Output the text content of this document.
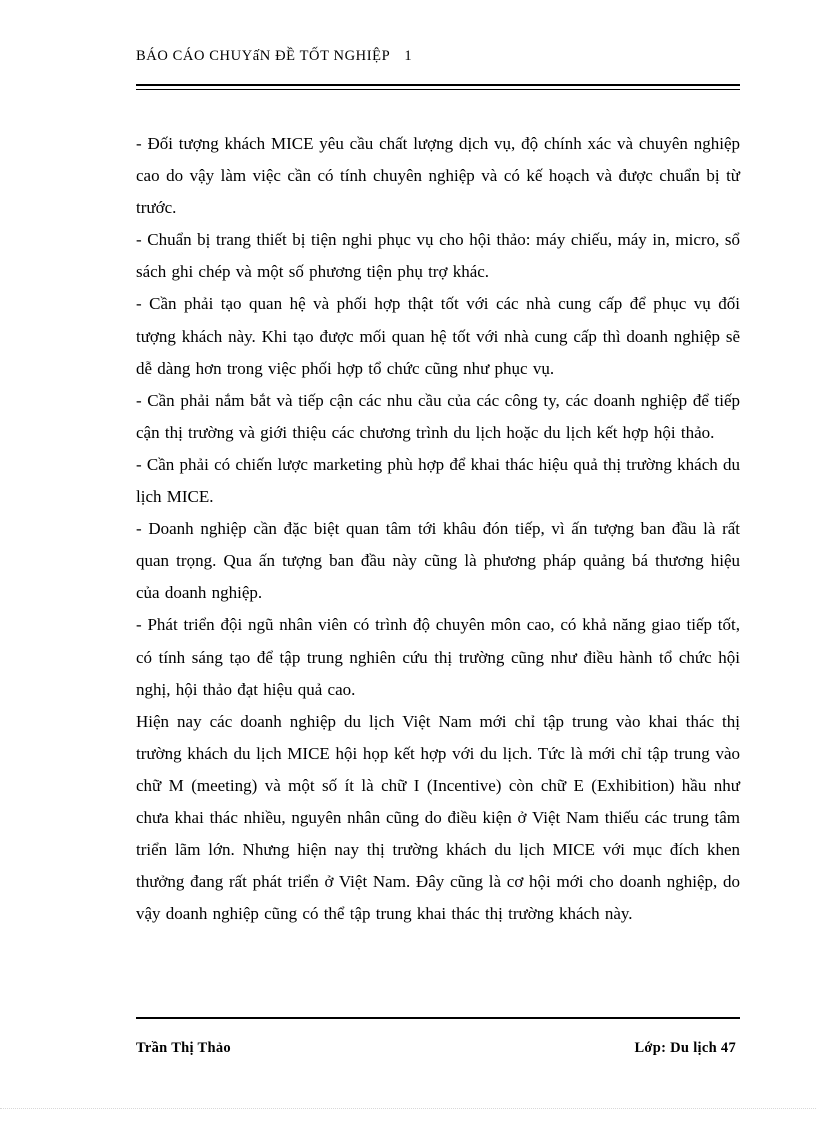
BÁO CÁO CHUYấN ĐỀ TỐT NGHIỆP 1

- Đối tượng khách MICE yêu cầu chất lượng dịch vụ, độ chính xác và chuyên nghiệp cao do vậy làm việc cần có tính chuyên nghiệp và có kế hoạch và được chuẩn bị từ trước.

- Chuẩn bị trang thiết bị tiện nghi phục vụ cho hội thảo: máy chiếu, máy in, micro, sổ sách ghi chép và một số phương tiện phụ trợ khác.

- Cần phải tạo quan hệ và phối hợp thật tốt với các nhà cung cấp để phục vụ đối tượng khách này. Khi tạo được mối quan hệ tốt với nhà cung cấp thì doanh nghiệp sẽ dễ dàng hơn trong việc phối hợp tổ chức cũng như phục vụ.

- Cần phải nắm bắt và tiếp cận các nhu cầu của các công ty, các doanh nghiệp để tiếp cận thị trường và giới thiệu các chương trình du lịch hoặc du lịch kết hợp hội thảo.

- Cần phải có chiến lược marketing phù hợp để khai thác hiệu quả thị trường khách du lịch MICE.

- Doanh nghiệp cần đặc biệt quan tâm tới khâu đón tiếp, vì ấn tượng ban đầu là rất quan trọng. Qua ấn tượng ban đầu này cũng là phương pháp quảng bá thương hiệu của doanh nghiệp.

- Phát triển đội ngũ nhân viên có trình độ chuyên môn cao, có khả năng giao tiếp tốt, có tính sáng tạo để tập trung nghiên cứu thị trường cũng như điều hành tổ chức hội nghị, hội thảo đạt hiệu quả cao.

Hiện nay các doanh nghiệp du lịch Việt Nam mới chỉ tập trung vào khai thác thị trường khách du lịch MICE hội họp kết hợp với du lịch. Tức là mới chỉ tập trung vào chữ M (meeting) và một số ít là chữ I (Incentive) còn chữ E (Exhibition) hầu như chưa khai thác nhiều, nguyên nhân cũng do điều kiện ở Việt Nam thiếu các trung tâm triển lãm lớn. Nhưng hiện nay thị trường khách du lịch MICE với mục đích khen thưởng đang rất phát triển ở Việt Nam. Đây cũng là cơ hội mới cho doanh nghiệp, do vậy doanh nghiệp cũng có thể tập trung khai thác thị trường khách này.

Trần Thị Thảo	Lớp: Du lịch 47
